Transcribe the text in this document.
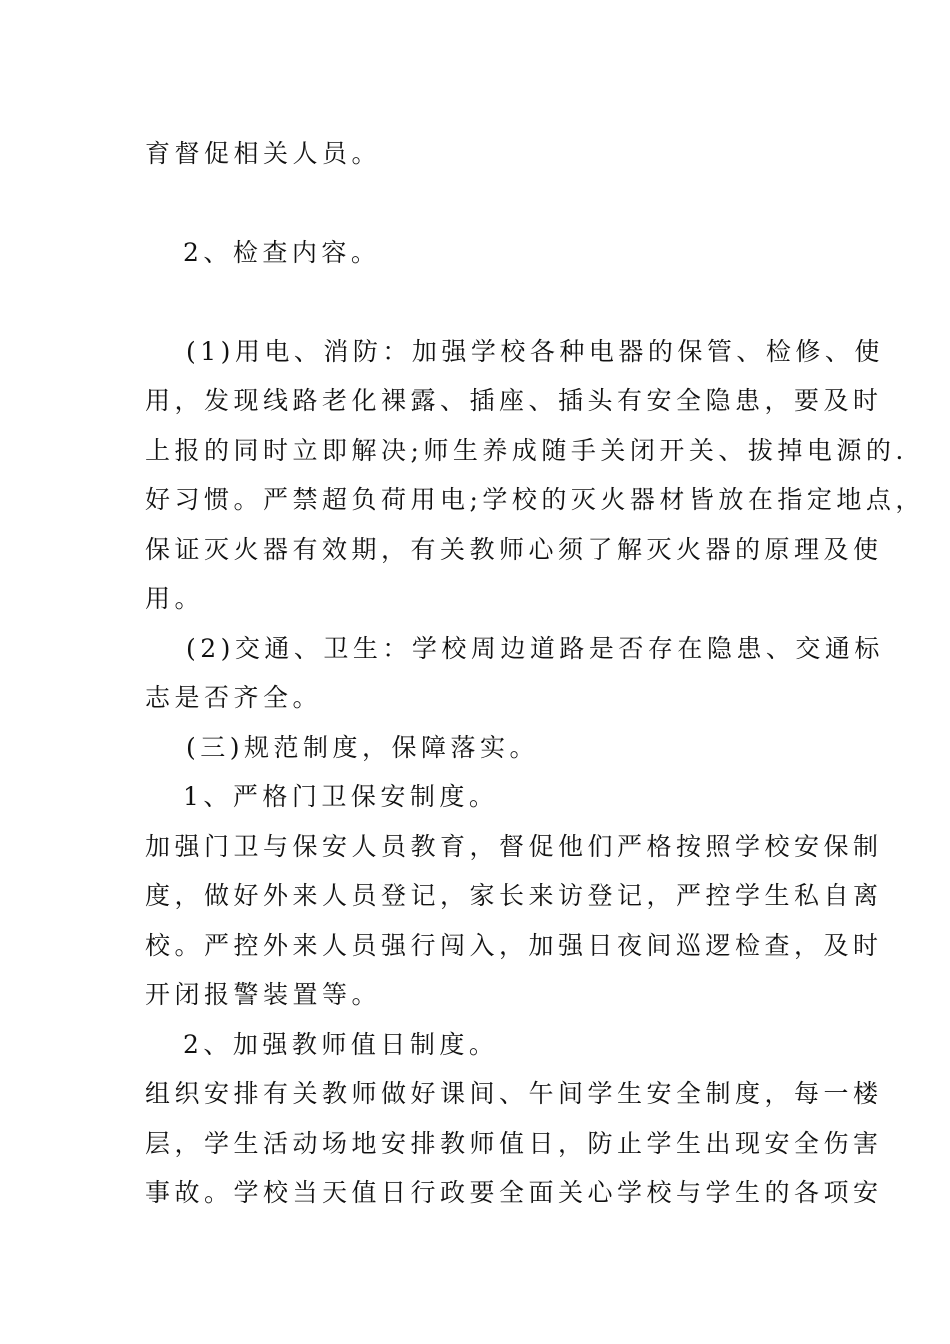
育督促相关人员。
2、检查内容。
(1)用电、消防：加强学校各种电器的保管、检修、使
用，发现线路老化裸露、插座、插头有安全隐患，要及时
上报的同时立即解决;师生养成随手关闭开关、拔掉电源的.
好习惯。严禁超负荷用电;学校的灭火器材皆放在指定地点，
保证灭火器有效期，有关教师心须了解灭火器的原理及使
用。
(2)交通、卫生：学校周边道路是否存在隐患、交通标
志是否齐全。
(三)规范制度，保障落实。
1、严格门卫保安制度。
加强门卫与保安人员教育，督促他们严格按照学校安保制
度，做好外来人员登记，家长来访登记，严控学生私自离
校。严控外来人员强行闯入，加强日夜间巡逻检查，及时
开闭报警装置等。
2、加强教师值日制度。
组织安排有关教师做好课间、午间学生安全制度，每一楼
层，学生活动场地安排教师值日，防止学生出现安全伤害
事故。学校当天值日行政要全面关心学校与学生的各项安
